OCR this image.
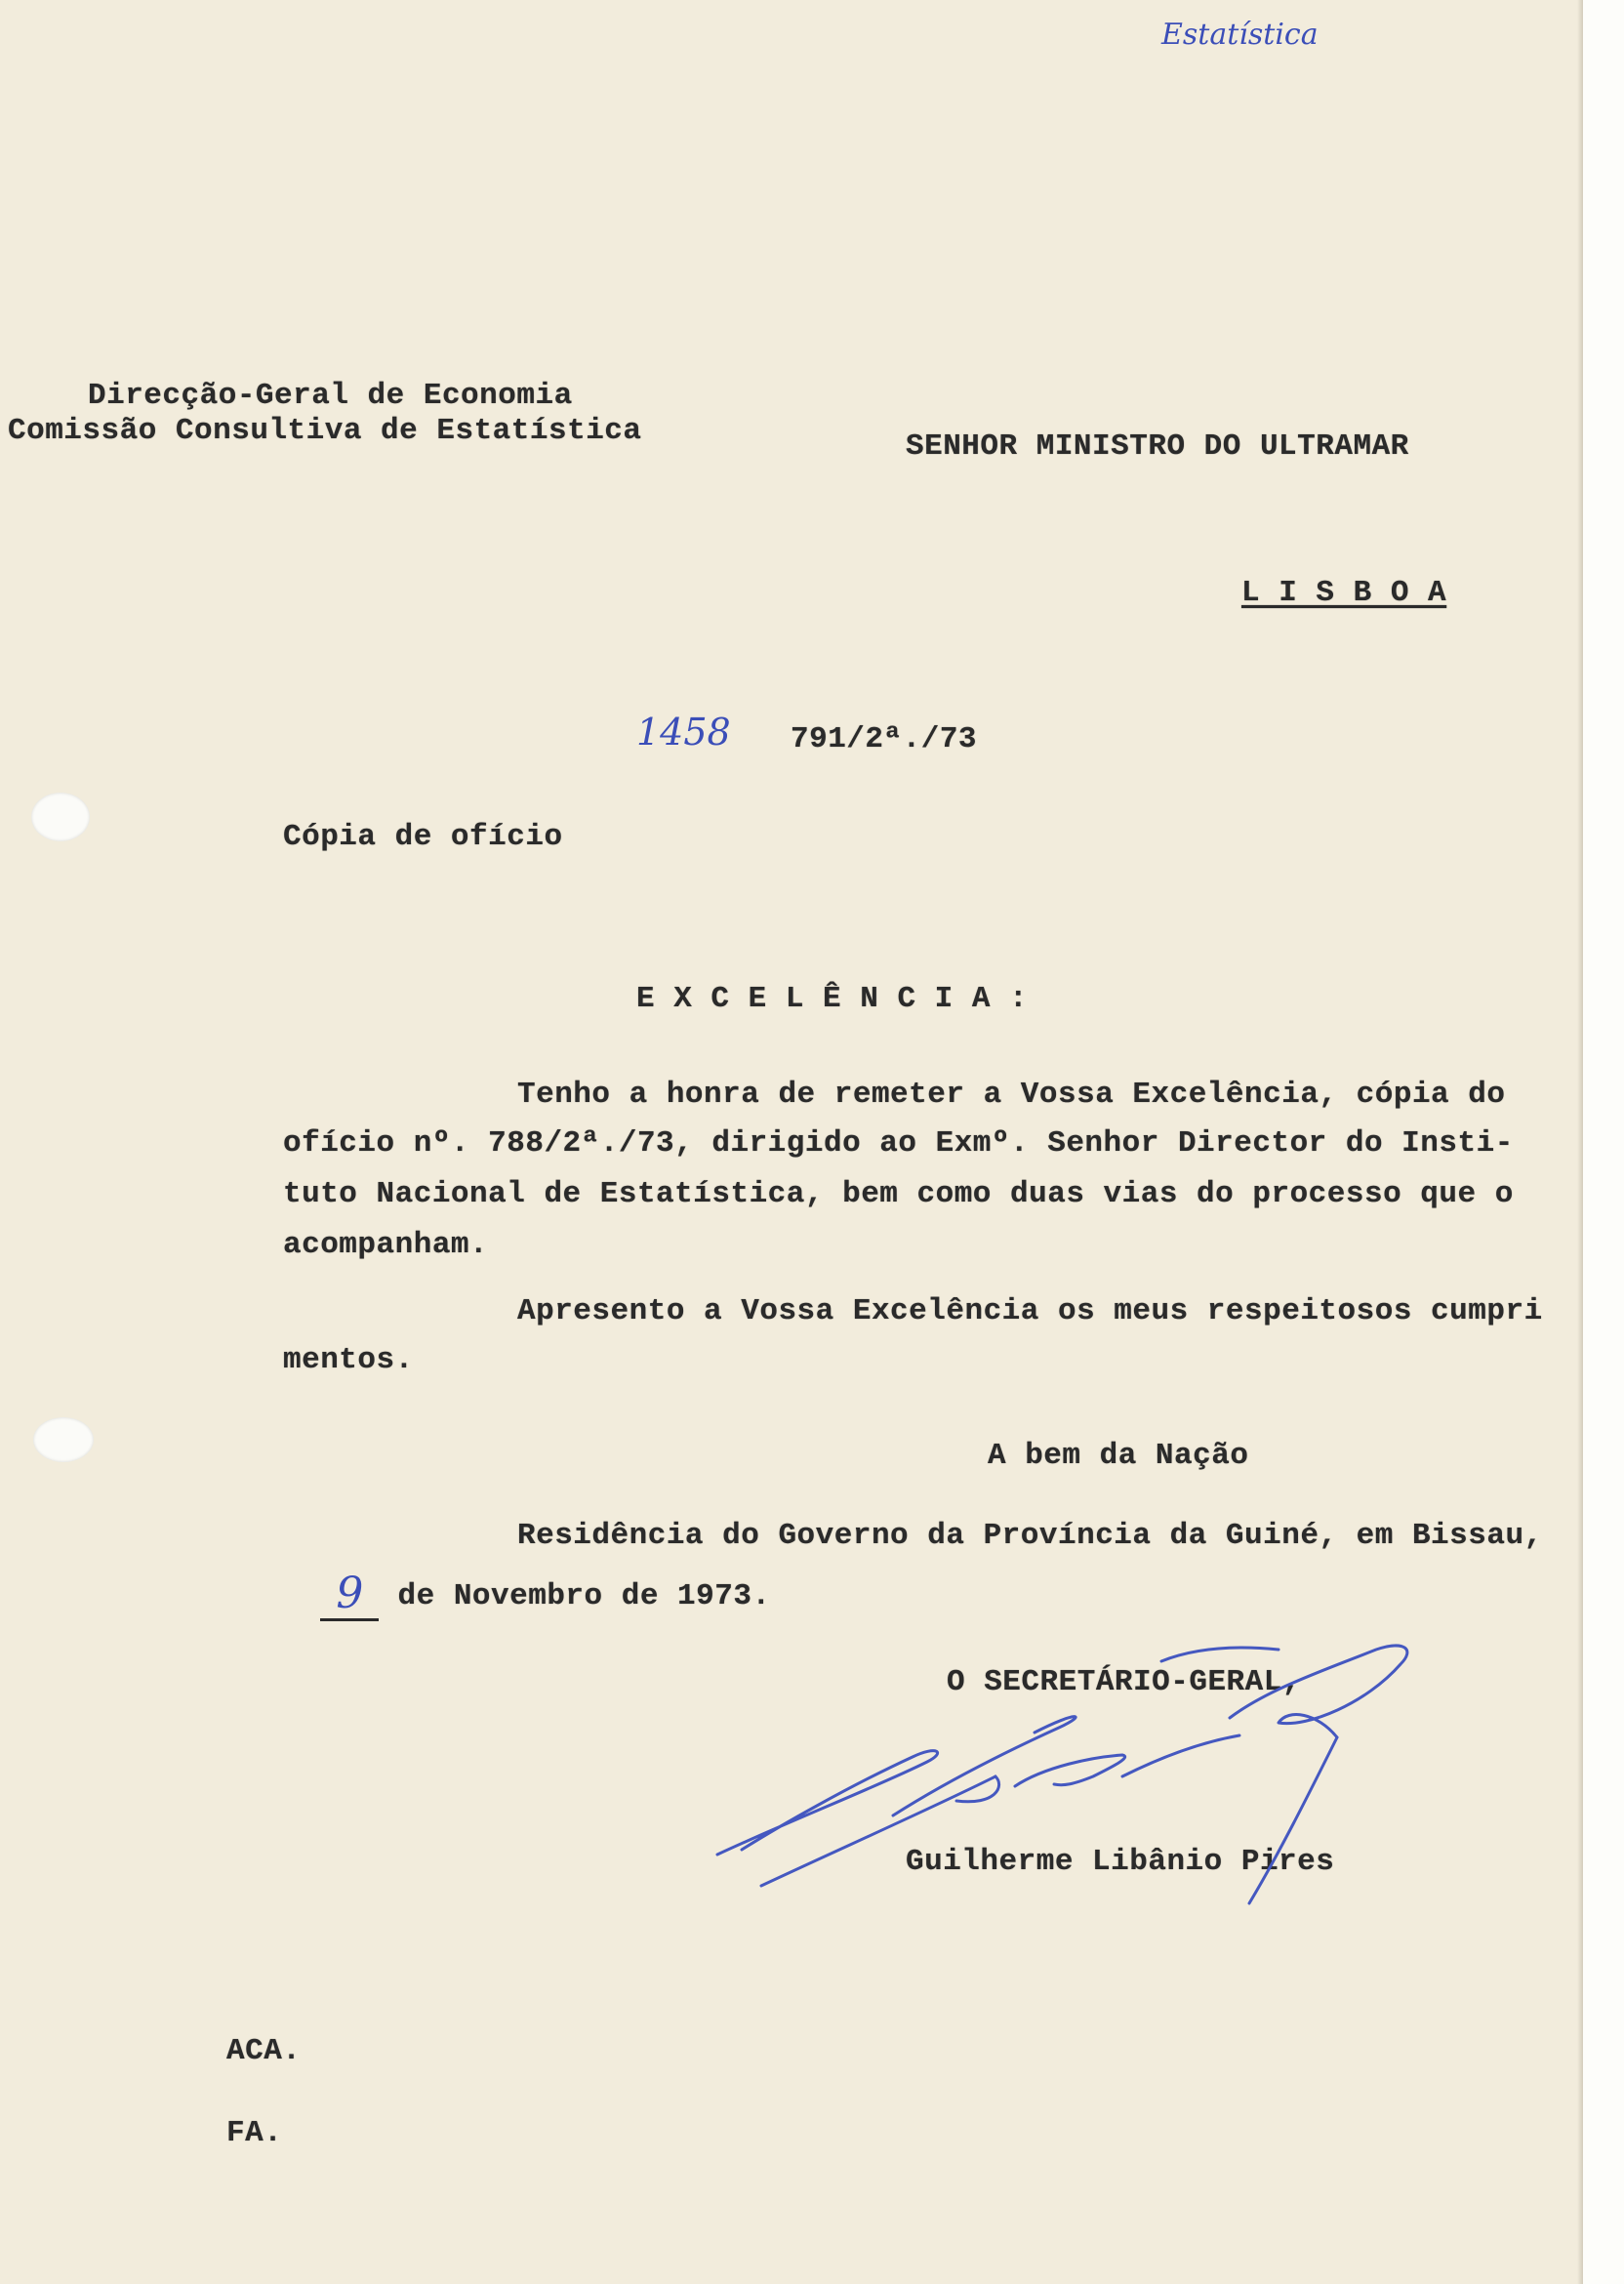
Estatística
Direcção-Geral de Economia
Comissão Consultiva de Estatística	SENHOR MINISTRO DO ULTRAMAR
L I S B O A
1458 791/2ª./73
Cópia de ofício
E X C E L Ê N C I A :
Tenho a honra de remeter a Vossa Excelência, cópia do
ofício nº. 788/2ª./73, dirigido ao Exmº. Senhor Director do Insti-
tuto Nacional de Estatística, bem como duas vias do processo que o
acompanham.
Apresento a Vossa Excelência os meus respeitosos cumpri
mentos.
A bem da Nação
Residência do Governo da Província da Guiné, em Bissau,

9 de Novembro de 1973.

O SECRETÁRIO-GERAL,
Guilherme Libânio Pires
ACA.
FA.
